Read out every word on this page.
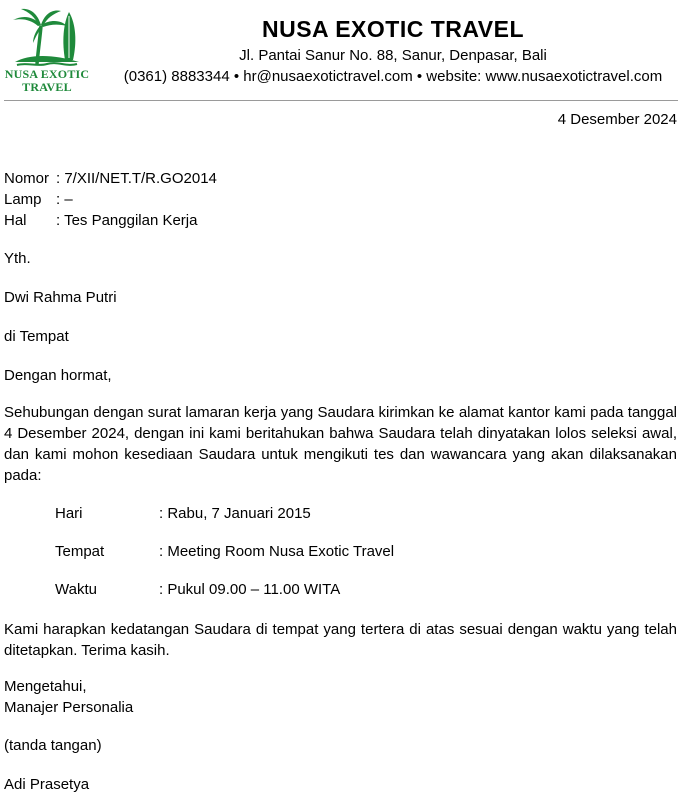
NUSA EXOTIC
TRAVEL
NUSA EXOTIC TRAVEL
Jl. Pantai Sanur No. 88, Sanur, Denpasar, Bali
(0361) 8883344 • hr@nusaexotictravel.com • website: www.nusaexotictravel.com
4 Desember 2024
Nomor : 7/XII/NET.T/R.GO2014
Lamp : –
Hal : Tes Panggilan Kerja
Yth.
Dwi Rahma Putri
di Tempat
Dengan hormat,
Sehubungan dengan surat lamaran kerja yang Saudara kirimkan ke alamat kantor kami pada tanggal 4 Desember 2024, dengan ini kami beritahukan bahwa Saudara telah dinyatakan lolos seleksi awal, dan kami mohon kesediaan Saudara untuk mengikuti tes dan wawancara yang akan dilaksanakan pada:
Hari	: Rabu, 7 Januari 2015
Tempat	: Meeting Room Nusa Exotic Travel
Waktu	: Pukul 09.00 – 11.00 WITA
Kami harapkan kedatangan Saudara di tempat yang tertera di atas sesuai dengan waktu yang telah ditetapkan. Terima kasih.
Mengetahui,
Manajer Personalia
(tanda tangan)
Adi Prasetya
